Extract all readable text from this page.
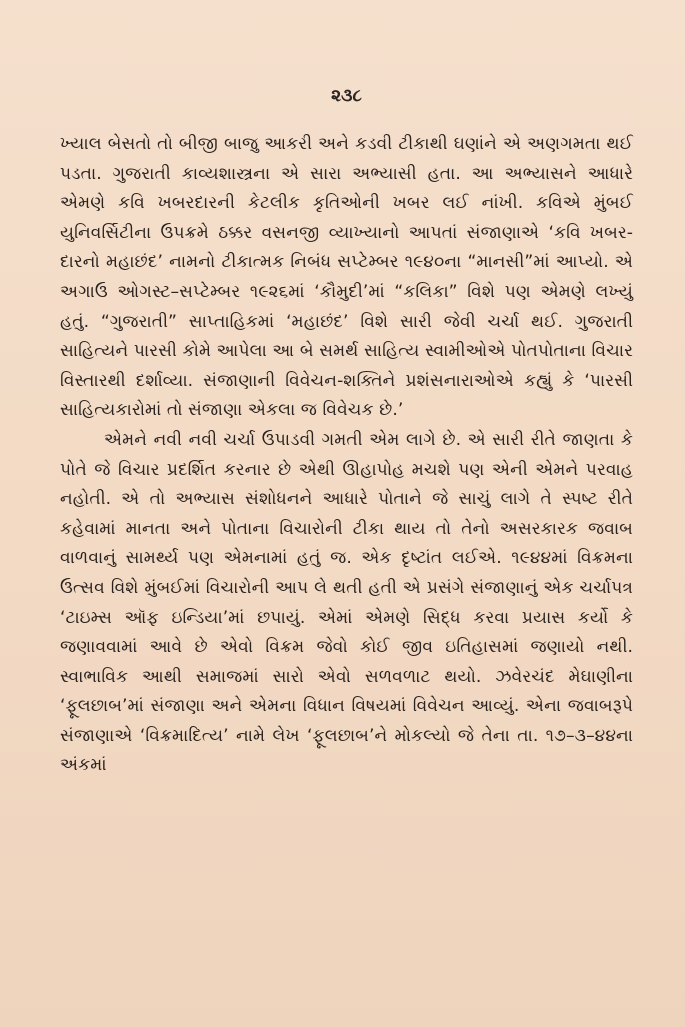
૨૩૮

ખ્યાલ બેસતો તો બીજી બાજુ આકરી અને કડવી ટીકાથી ઘણાંને એ અણગમતા થઈ પડતા. ગુજરાતી કાવ્યશાસ્ત્રના એ સારા અભ્યાસી હતા. આ અભ્યાસને આધારે એમણે કવિ ખબરદારની કેટલીક કૃતિઓની ખબર લઈ નાંખી. કવિએ મુંબઈ યુનિવર્સિટીના ઉપક્રમે ઠક્કર વસનજી વ્યાખ્યાનો આપતાં સંજાણાએ ‘કવિ ખબર-દારનો મહાછંદ’ નામનો ટીકાત્મક નિબંધ સપ્ટેમ્બર ૧૯૪૦ના “માનસી”માં આપ્યો. એ અગાઉ ઓગસ્ટ–સપ્ટેમ્બર ૧૯૨૬માં ‘કૌમુદી’માં “કલિકા” વિશે પણ એમણે લખ્યું હતું. “ગુજરાતી” સાપ્તાહિકમાં ‘મહાછંદ’ વિશે સારી જેવી ચર્ચા થઈ. ગુજરાતી સાહિત્યને પારસી કોમે આપેલા આ બે સમર્થ સાહિત્ય સ્વામીઓએ પોતપોતાના વિચાર વિસ્તારથી દર્શાવ્યા. સંજાણાની વિવેચન-શક્તિને પ્રશંસનારાઓએ કહ્યું કે ‘પારસી સાહિત્યકારોમાં તો સંજાણા એકલા જ વિવેચક છે.’

એમને નવી નવી ચર્ચા ઉપાડવી ગમતી એમ લાગે છે. એ સારી રીતે જાણતા કે પોતે જે વિચાર પ્રદર્શિત કરનાર છે એથી ઊહાપોહ મચશે પણ એની એમને પરવાહ નહોતી. એ તો અભ્યાસ સંશોધનને આધારે પોતાને જે સાચું લાગે તે સ્પષ્ટ રીતે કહેવામાં માનતા અને પોતાના વિચારોની ટીકા થાય તો તેનો અસરકારક જવાબ વાળવાનું સામર્થ્ય પણ એમનામાં હતું જ. એક દૃષ્ટાંત લઈએ. ૧૯૪૪માં વિક્રમના ઉત્સવ વિશે મુંબઈમાં વિચારોની આપ લે થતી હતી એ પ્રસંગે સંજાણાનું એક ચર્ચાપત્ર ‘ટાઇમ્સ ઑફ ઇન્ડિયા’માં છપાયું. એમાં એમણે સિદ્ધ કરવા પ્રયાસ કર્યો કે જણાવવામાં આવે છે એવો વિક્રમ જેવો કોઈ જીવ ઇતિહાસમાં જણાયો નથી. સ્વાભાવિક આથી સમાજમાં સારો એવો સળવળાટ થયો. ઝવેરચંદ મેઘાણીના ‘ફૂલછાબ’માં સંજાણા અને એમના વિધાન વિષયમાં વિવેચન આવ્યું. એના જવાબરૂપે સંજાણાએ ‘વિક્રમાદિત્ય’ નામે લેખ ‘ફૂલછાબ’ને મોકલ્યો જે તેના તા. ૧૭–૩–૪૪ના અંકમાં
